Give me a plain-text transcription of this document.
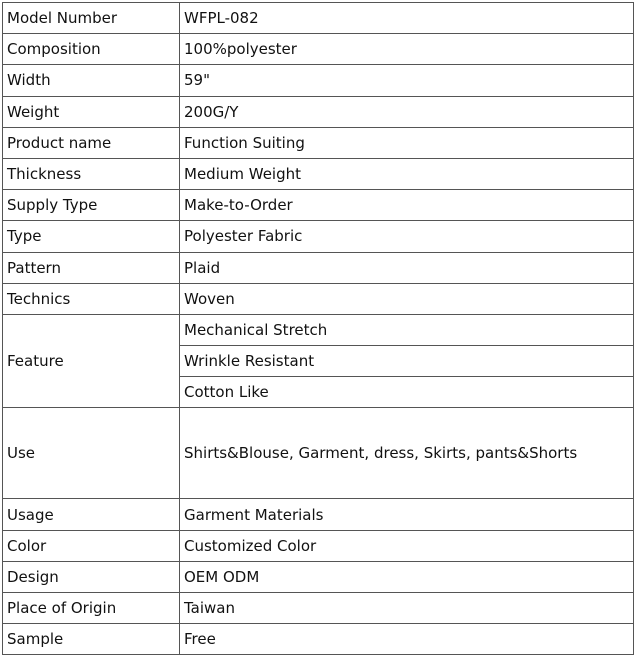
Model Number	WFPL-082
Composition	100%polyester
Width	59"
Weight	200G/Y
Product name	Function Suiting
Thickness	Medium Weight
Supply Type	Make-to-Order
Type	Polyester Fabric
Pattern	Plaid
Technics	Woven
Feature	Mechanical Stretch
	Wrinkle Resistant
	Cotton Like
Use	Shirts&Blouse, Garment, dress, Skirts, pants&Shorts
Usage	Garment Materials
Color	Customized Color
Design	OEM ODM
Place of Origin	Taiwan
Sample	Free
